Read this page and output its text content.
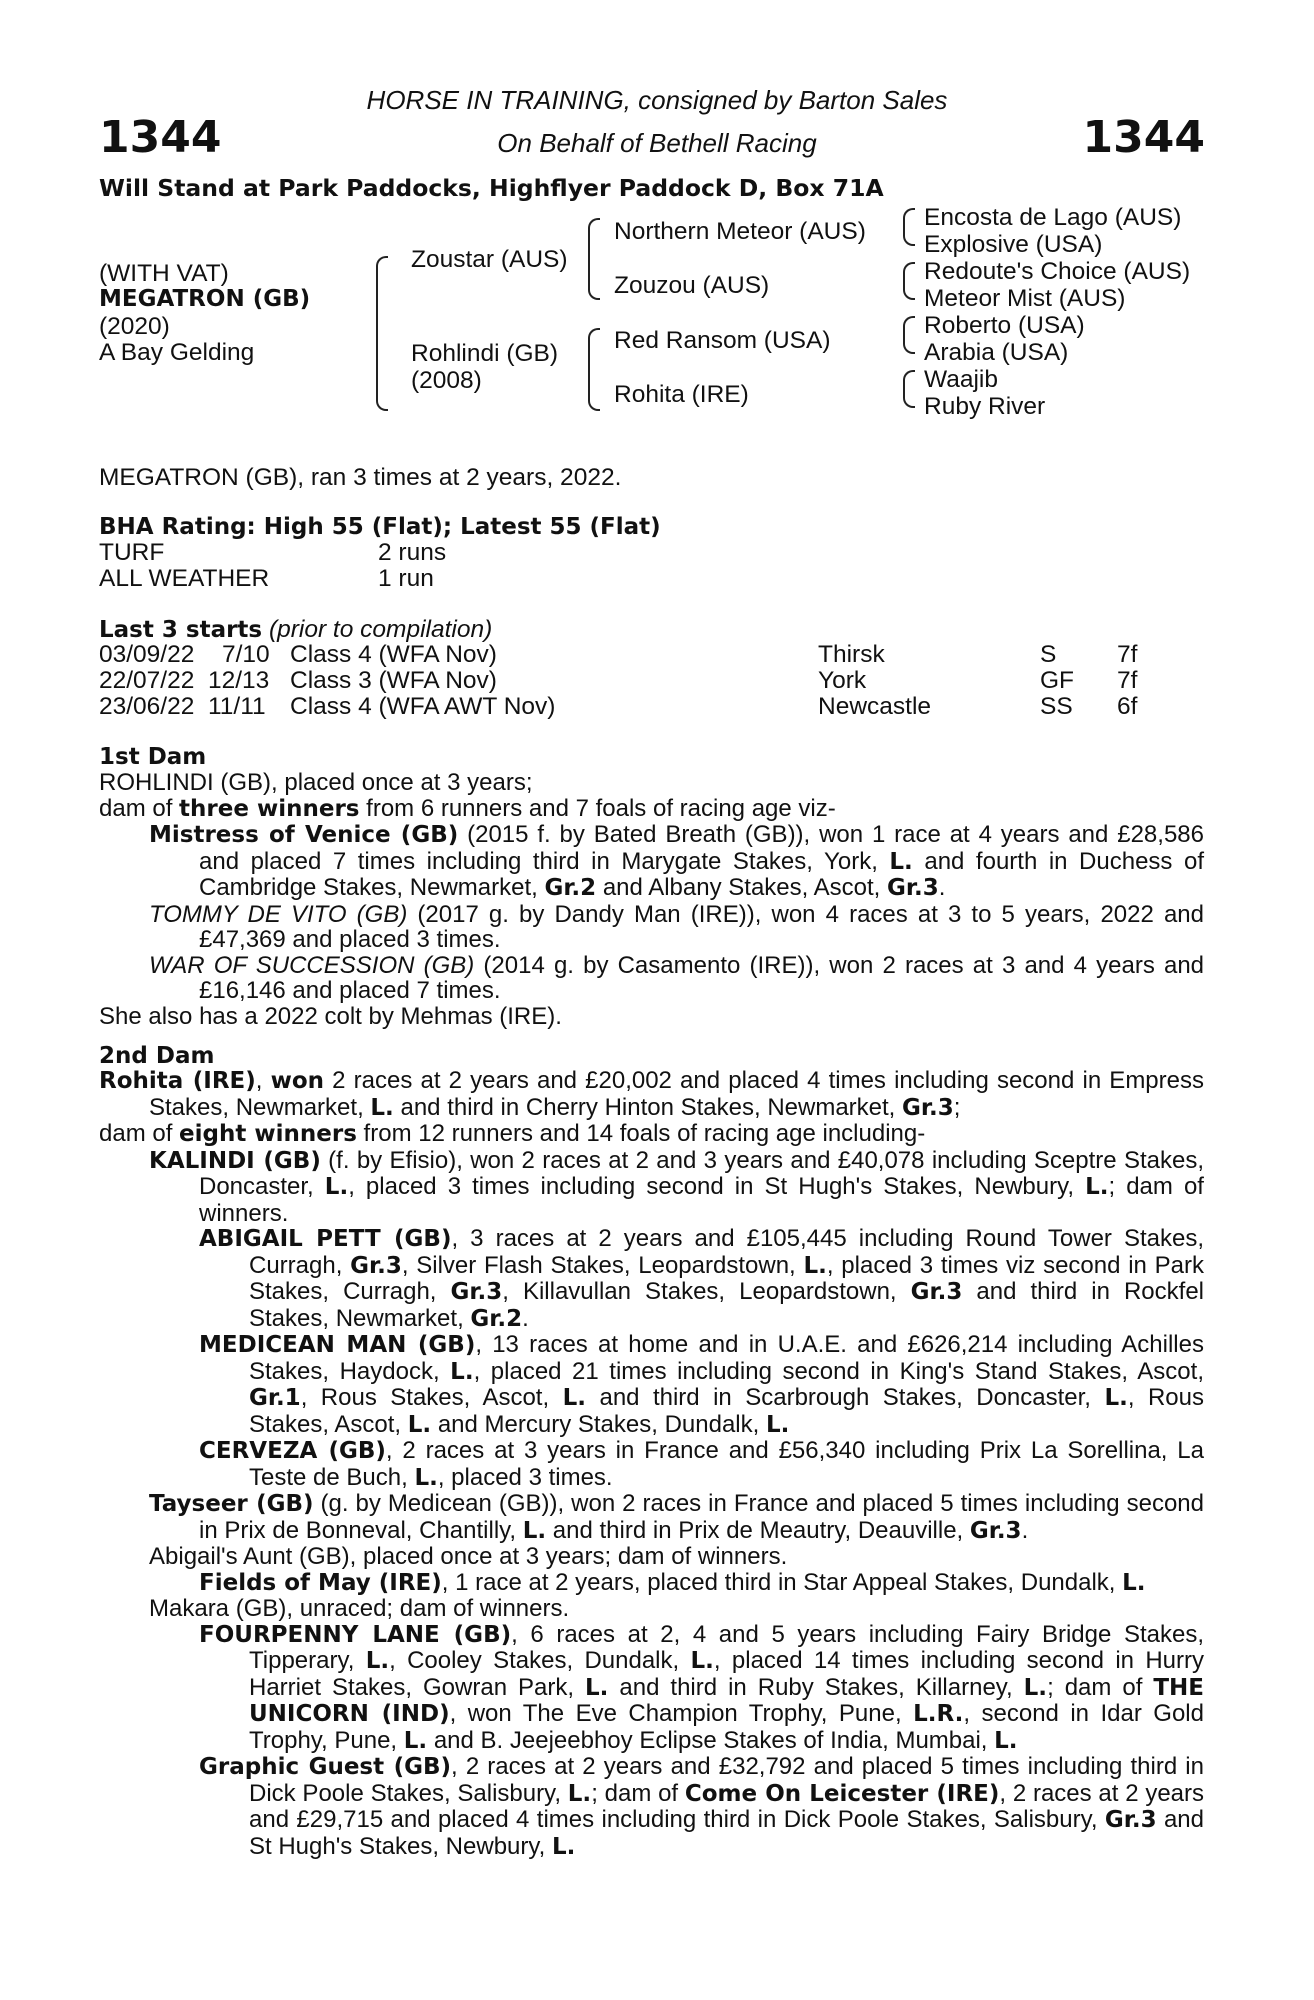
HORSE IN TRAINING, consigned by Barton Sales
On Behalf of Bethell Racing
1344	1344
Will Stand at Park Paddocks, Highflyer Paddock D, Box 71A
(WITH VAT)
MEGATRON (GB)
(2020)
A Bay Gelding
Zoustar (AUS)
Rohlindi (GB)
(2008)
Northern Meteor (AUS)
Zouzou (AUS)
Red Ransom (USA)
Rohita (IRE)
Encosta de Lago (AUS)
Explosive (USA)
Redoute's Choice (AUS)
Meteor Mist (AUS)
Roberto (USA)
Arabia (USA)
Waajib
Ruby River
MEGATRON (GB), ran 3 times at 2 years, 2022.
BHA Rating: High 55 (Flat); Latest 55 (Flat)
TURF	2 runs
ALL WEATHER	1 run
Last 3 starts (prior to compilation)
03/09/22 7/10 Class 4 (WFA Nov)	Thirsk	S 7f
22/07/22 12/13 Class 3 (WFA Nov)	York	GF 7f
23/06/22 11/11 Class 4 (WFA AWT Nov)	Newcastle	SS 6f
1st Dam

ROHLINDI (GB), placed once at 3 years;

dam of three winners from 6 runners and 7 foals of racing age viz-

Mistress of Venice (GB) (2015 f. by Bated Breath (GB)), won 1 race at 4 years and £28,586 and placed 7 times including third in Marygate Stakes, York, L. and fourth in Duchess of Cambridge Stakes, Newmarket, Gr.2 and Albany Stakes, Ascot, Gr.3.

TOMMY DE VITO (GB) (2017 g. by Dandy Man (IRE)), won 4 races at 3 to 5 years, 2022 and £47,369 and placed 3 times.

WAR OF SUCCESSION (GB) (2014 g. by Casamento (IRE)), won 2 races at 3 and 4 years and £16,146 and placed 7 times.

She also has a 2022 colt by Mehmas (IRE).

2nd Dam

Rohita (IRE), won 2 races at 2 years and £20,002 and placed 4 times including second in Empress Stakes, Newmarket, L. and third in Cherry Hinton Stakes, Newmarket, Gr.3;

dam of eight winners from 12 runners and 14 foals of racing age including-

KALINDI (GB) (f. by Efisio), won 2 races at 2 and 3 years and £40,078 including Sceptre Stakes, Doncaster, L., placed 3 times including second in St Hugh's Stakes, Newbury, L.; dam of winners.

ABIGAIL PETT (GB), 3 races at 2 years and £105,445 including Round Tower Stakes, Curragh, Gr.3, Silver Flash Stakes, Leopardstown, L., placed 3 times viz second in Park Stakes, Curragh, Gr.3, Killavullan Stakes, Leopardstown, Gr.3 and third in Rockfel Stakes, Newmarket, Gr.2.

MEDICEAN MAN (GB), 13 races at home and in U.A.E. and £626,214 including Achilles Stakes, Haydock, L., placed 21 times including second in King's Stand Stakes, Ascot, Gr.1, Rous Stakes, Ascot, L. and third in Scarbrough Stakes, Doncaster, L., Rous Stakes, Ascot, L. and Mercury Stakes, Dundalk, L.

CERVEZA (GB), 2 races at 3 years in France and £56,340 including Prix La Sorellina, La Teste de Buch, L., placed 3 times.

Tayseer (GB) (g. by Medicean (GB)), won 2 races in France and placed 5 times including second in Prix de Bonneval, Chantilly, L. and third in Prix de Meautry, Deauville, Gr.3.

Abigail's Aunt (GB), placed once at 3 years; dam of winners.

Fields of May (IRE), 1 race at 2 years, placed third in Star Appeal Stakes, Dundalk, L.

Makara (GB), unraced; dam of winners.

FOURPENNY LANE (GB), 6 races at 2, 4 and 5 years including Fairy Bridge Stakes, Tipperary, L., Cooley Stakes, Dundalk, L., placed 14 times including second in Hurry Harriet Stakes, Gowran Park, L. and third in Ruby Stakes, Killarney, L.; dam of THE UNICORN (IND), won The Eve Champion Trophy, Pune, L.R., second in Idar Gold Trophy, Pune, L. and B. Jeejeebhoy Eclipse Stakes of India, Mumbai, L.

Graphic Guest (GB), 2 races at 2 years and £32,792 and placed 5 times including third in Dick Poole Stakes, Salisbury, L.; dam of Come On Leicester (IRE), 2 races at 2 years and £29,715 and placed 4 times including third in Dick Poole Stakes, Salisbury, Gr.3 and St Hugh's Stakes, Newbury, L.
